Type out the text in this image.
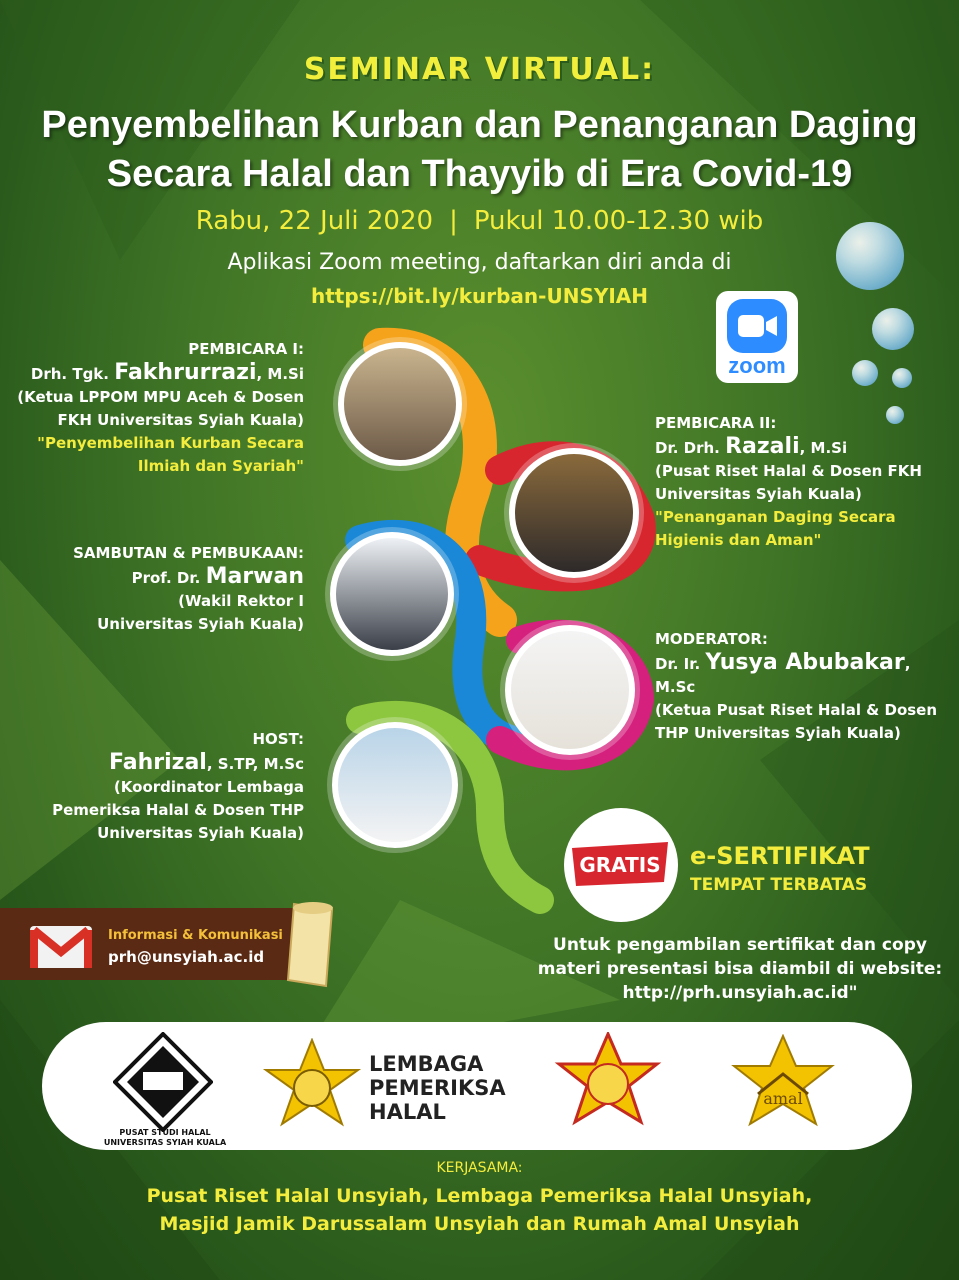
SEMINAR VIRTUAL:
Penyembelihan Kurban dan Penanganan Daging
Secara Halal dan Thayyib di Era Covid-19
Rabu, 22 Juli 2020 | Pukul 10.00-12.30 wib
Aplikasi Zoom meeting, daftarkan diri anda di
https://bit.ly/kurban-UNSYIAH
zoom
PEMBICARA I:
Drh. Tgk. Fakhrurrazi, M.Si
(Ketua LPPOM MPU Aceh & Dosen
FKH Universitas Syiah Kuala)
"Penyembelihan Kurban Secara
Ilmiah dan Syariah"
PEMBICARA II:
Dr. Drh. Razali, M.Si
(Pusat Riset Halal & Dosen FKH
Universitas Syiah Kuala)
"Penanganan Daging Secara
Higienis dan Aman"
SAMBUTAN & PEMBUKAAN:
Prof. Dr. Marwan
(Wakil Rektor I
Universitas Syiah Kuala)
MODERATOR:
Dr. Ir. Yusya Abubakar, M.Sc
(Ketua Pusat Riset Halal & Dosen
THP Universitas Syiah Kuala)
HOST:
Fahrizal, S.TP, M.Sc
(Koordinator Lembaga
Pemeriksa Halal & Dosen THP
Universitas Syiah Kuala)
Informasi & Komunikasi
prh@unsyiah.ac.id
GRATIS e-SERTIFIKAT
TEMPAT TERBATAS
Untuk pengambilan sertifikat dan copy
materi presentasi bisa diambil di website:
http://prh.unsyiah.ac.id"
PUSAT STUDI HALAL
UNIVERSITAS SYIAH KUALA
LEMBAGA
PEMERIKSA
HALAL
amal
KERJASAMA:
Pusat Riset Halal Unsyiah, Lembaga Pemeriksa Halal Unsyiah,
Masjid Jamik Darussalam Unsyiah dan Rumah Amal Unsyiah
